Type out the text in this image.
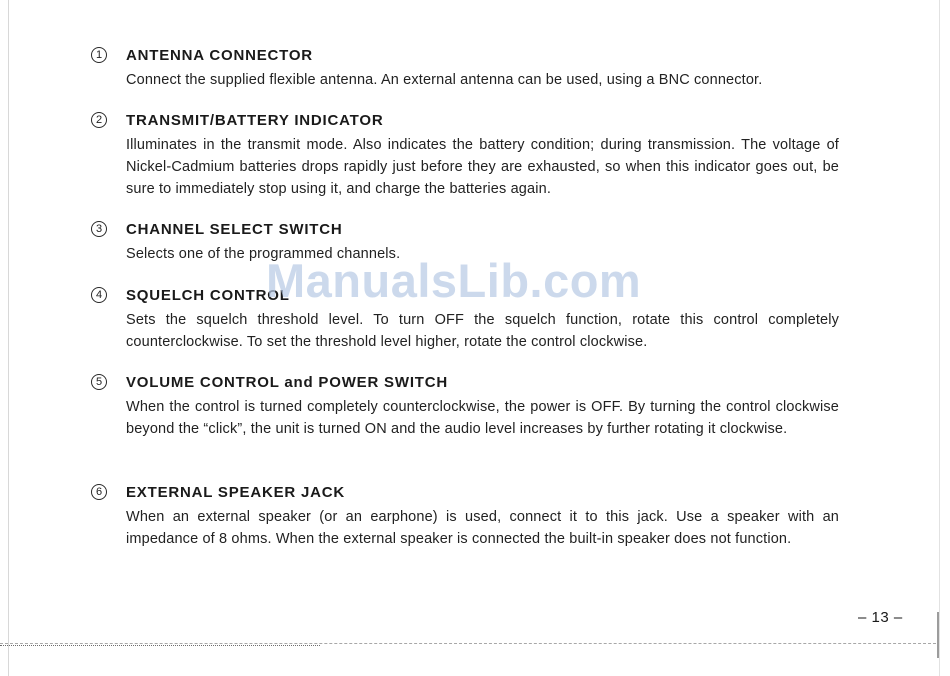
1	ANTENNA CONNECTOR
Connect the supplied flexible antenna. An external antenna can be used, using a BNC connector.
2	TRANSMIT/BATTERY INDICATOR
Illuminates in the transmit mode. Also indicates the battery condition; during transmission. The voltage of Nickel-Cadmium batteries drops rapidly just before they are exhausted, so when this indicator goes out, be sure to immediately stop using it, and charge the batteries again.
3	CHANNEL SELECT SWITCH
Selects one of the programmed channels.
4	SQUELCH CONTROL
Sets the squelch threshold level. To turn OFF the squelch function, rotate this control completely counterclockwise. To set the threshold level higher, rotate the control clockwise.
5	VOLUME CONTROL and POWER SWITCH
When the control is turned completely counterclockwise, the power is OFF. By turning the control clockwise beyond the “click”, the unit is turned ON and the audio level increases by further rotating it clockwise.
6	EXTERNAL SPEAKER JACK
When an external speaker (or an earphone) is used, connect it to this jack. Use a speaker with an impedance of 8 ohms. When the external speaker is connected the built-in speaker does not function.
ManualsLib.com
– 13 –
